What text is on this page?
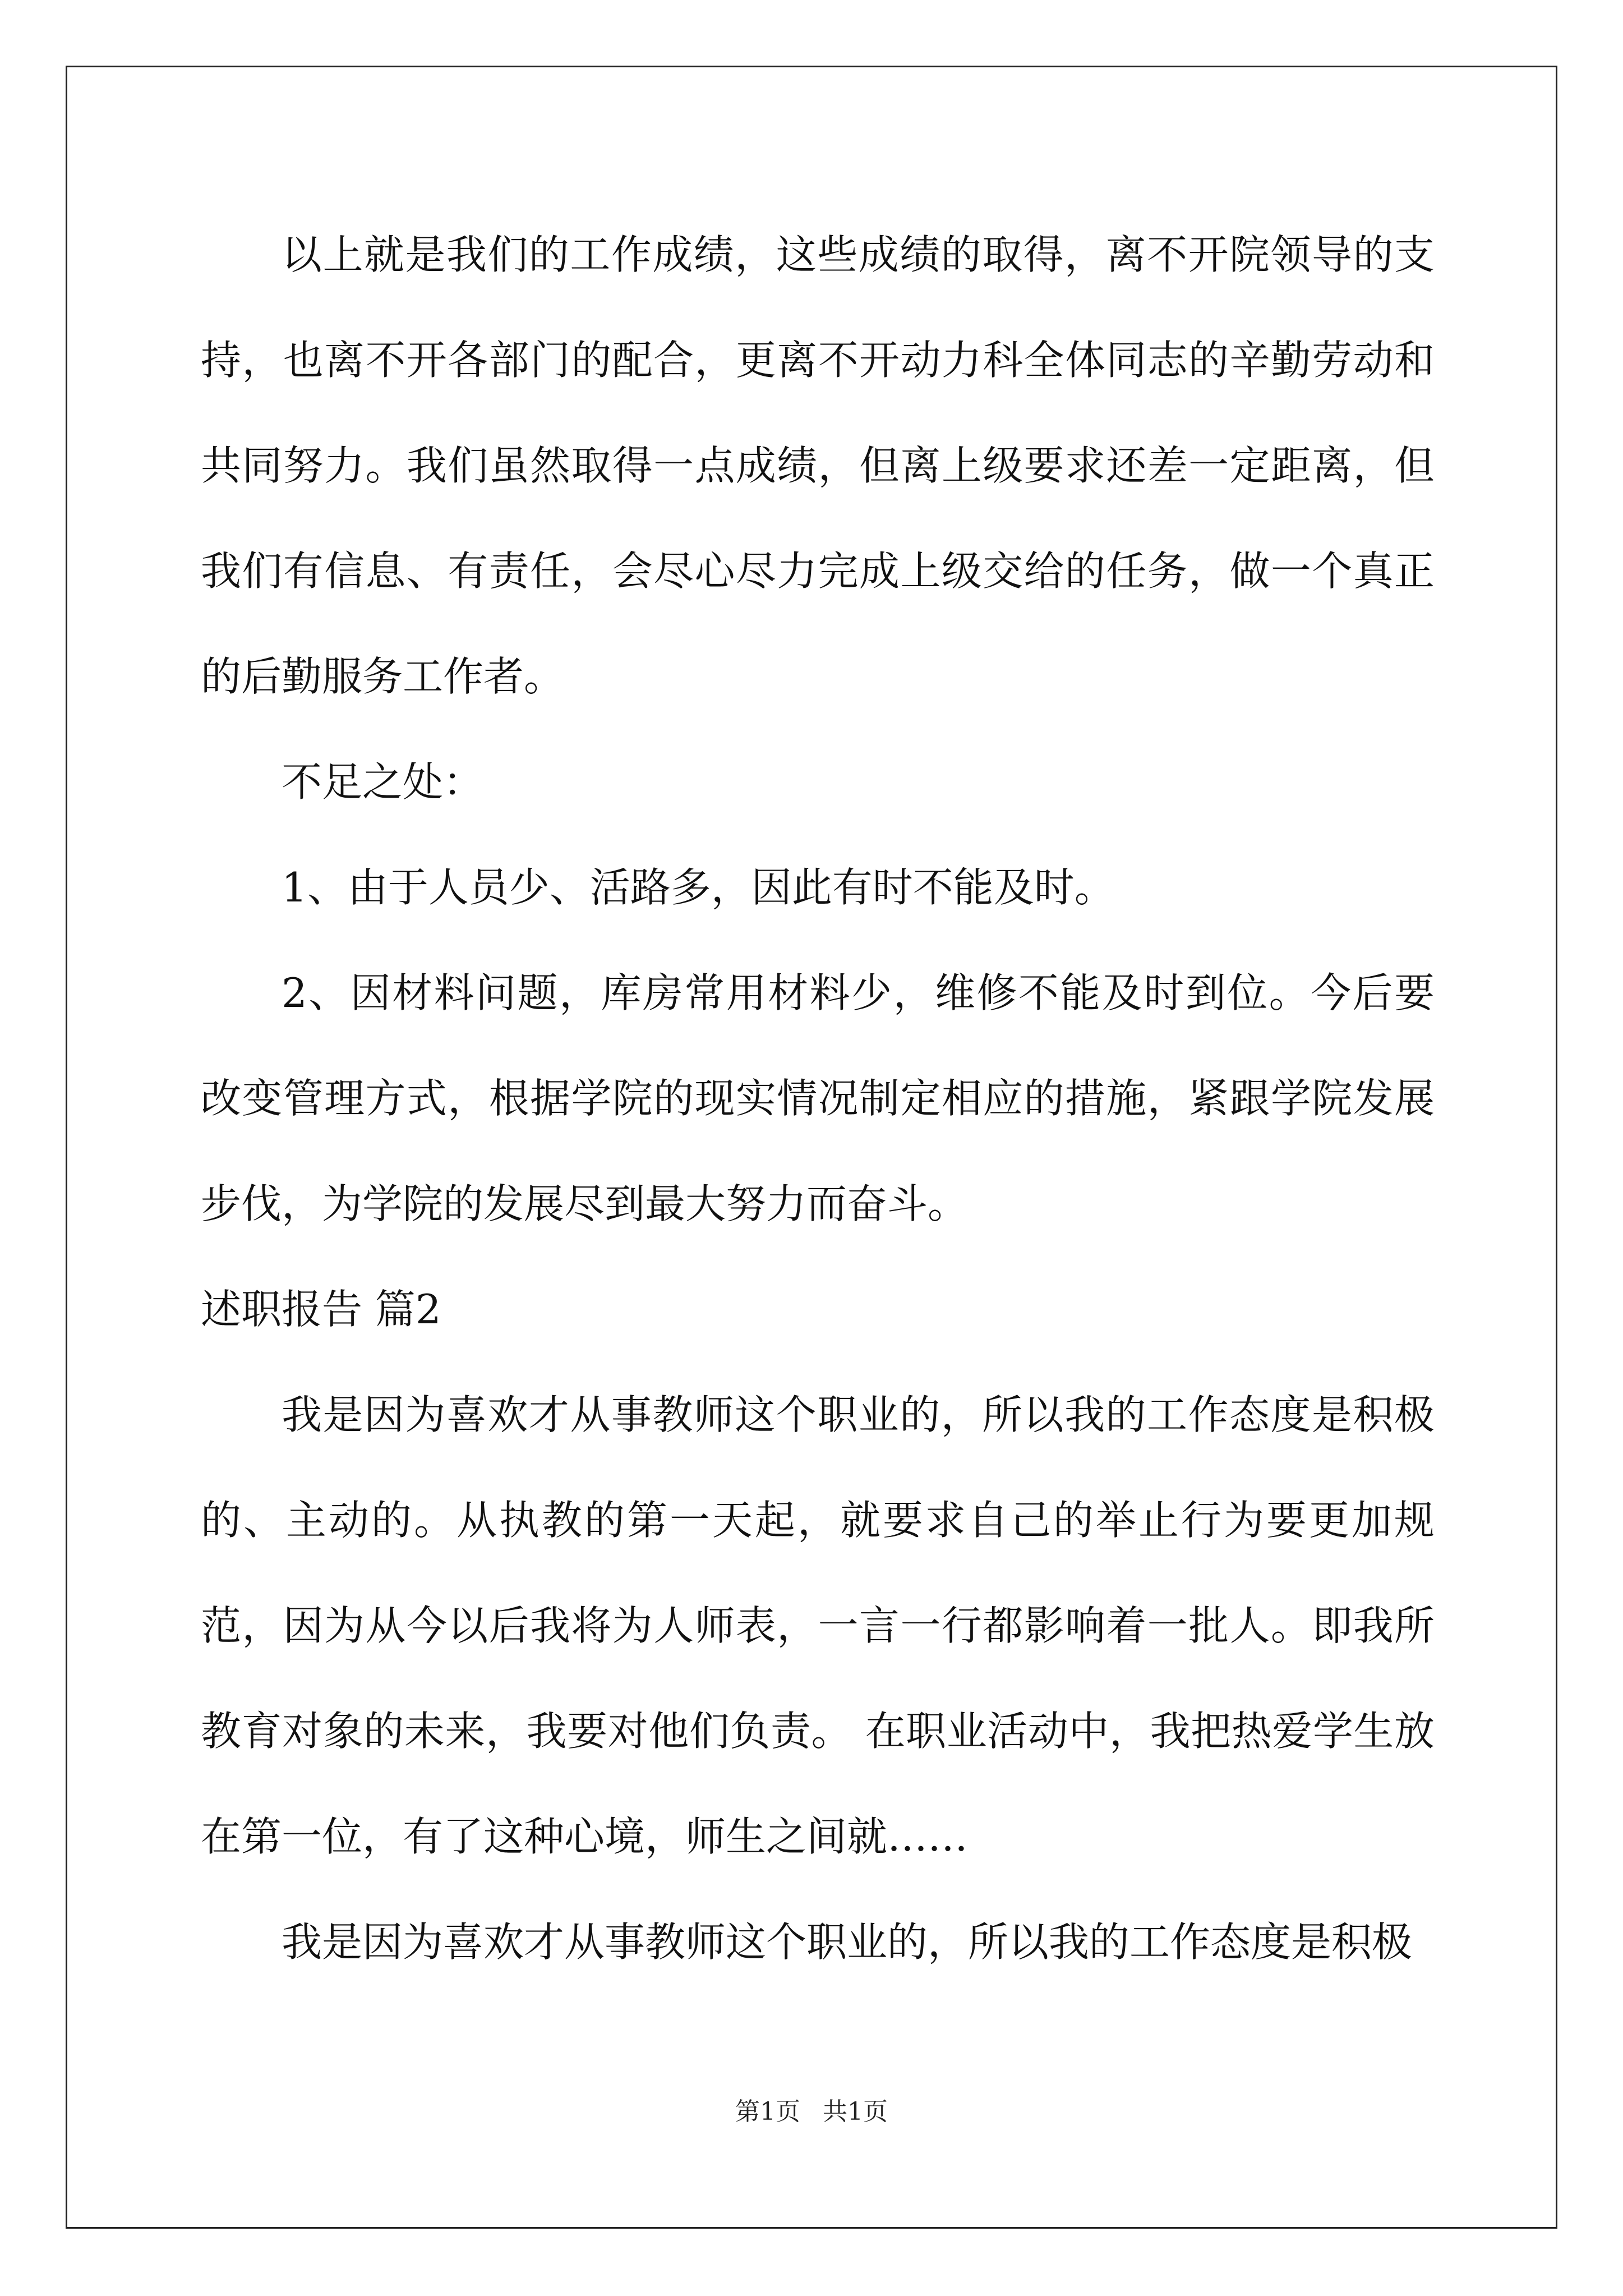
以上就是我们的工作成绩，这些成绩的取得，离不开院领导的支持，也离不开各部门的配合，更离不开动力科全体同志的辛勤劳动和共同努力。我们虽然取得一点成绩，但离上级要求还差一定距离，但我们有信息、有责任，会尽心尽力完成上级交给的任务，做一个真正的后勤服务工作者。

不足之处：

1、由于人员少、活路多，因此有时不能及时。

2、因材料问题，库房常用材料少，维修不能及时到位。今后要改变管理方式，根据学院的现实情况制定相应的措施，紧跟学院发展步伐，为学院的发展尽到最大努力而奋斗。

述职报告 篇2

我是因为喜欢才从事教师这个职业的，所以我的工作态度是积极的、主动的。从执教的第一天起，就要求自己的举止行为要更加规范，因为从今以后我将为人师表，一言一行都影响着一批人。即我所教育对象的未来，我要对他们负责。 在职业活动中，我把热爱学生放在第一位，有了这种心境，师生之间就……

我是因为喜欢才从事教师这个职业的，所以我的工作态度是积极

第1页 共1页
